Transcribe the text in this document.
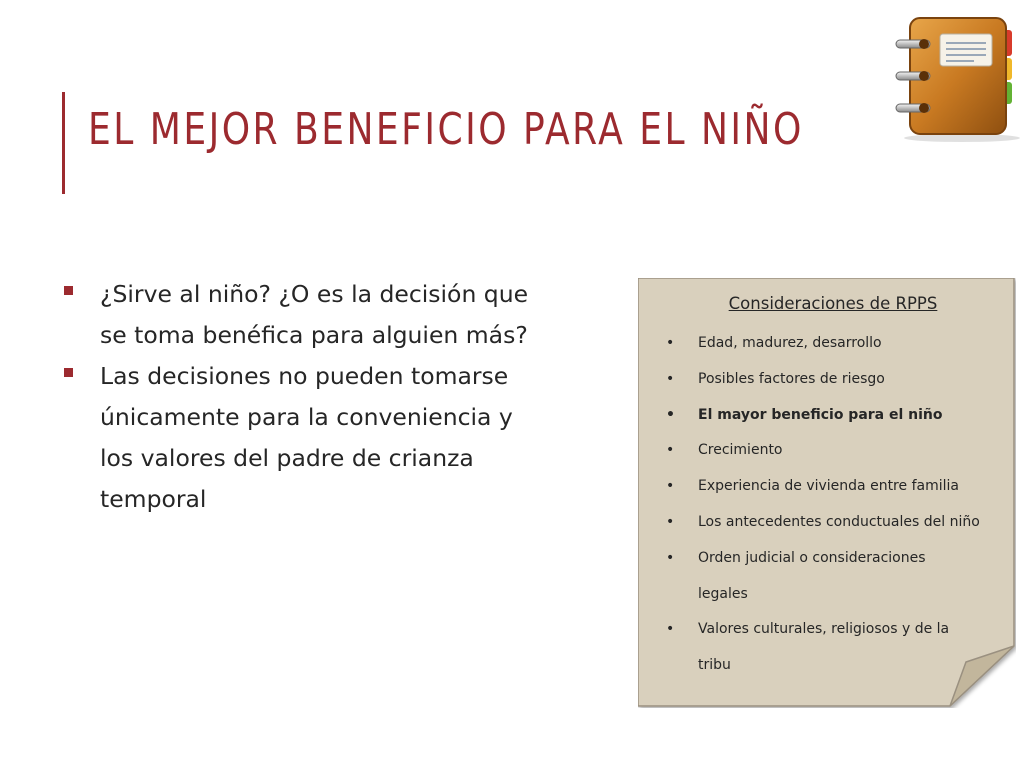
EL MEJOR BENEFICIO PARA EL NIÑO
¿Sirve al niño? ¿O es la decisión que
se toma benéfica para alguien más?
Las decisiones no pueden tomarse
únicamente para la conveniencia y
los valores del padre de crianza
temporal
Consideraciones de RPPS
• Edad, madurez, desarrollo
• Posibles factores de riesgo
• El mayor beneficio para el niño
• Crecimiento
• Experiencia de vivienda entre familia
• Los antecedentes conductuales del niño
• Orden judicial o consideraciones
legales
• Valores culturales, religiosos y de la
tribu
